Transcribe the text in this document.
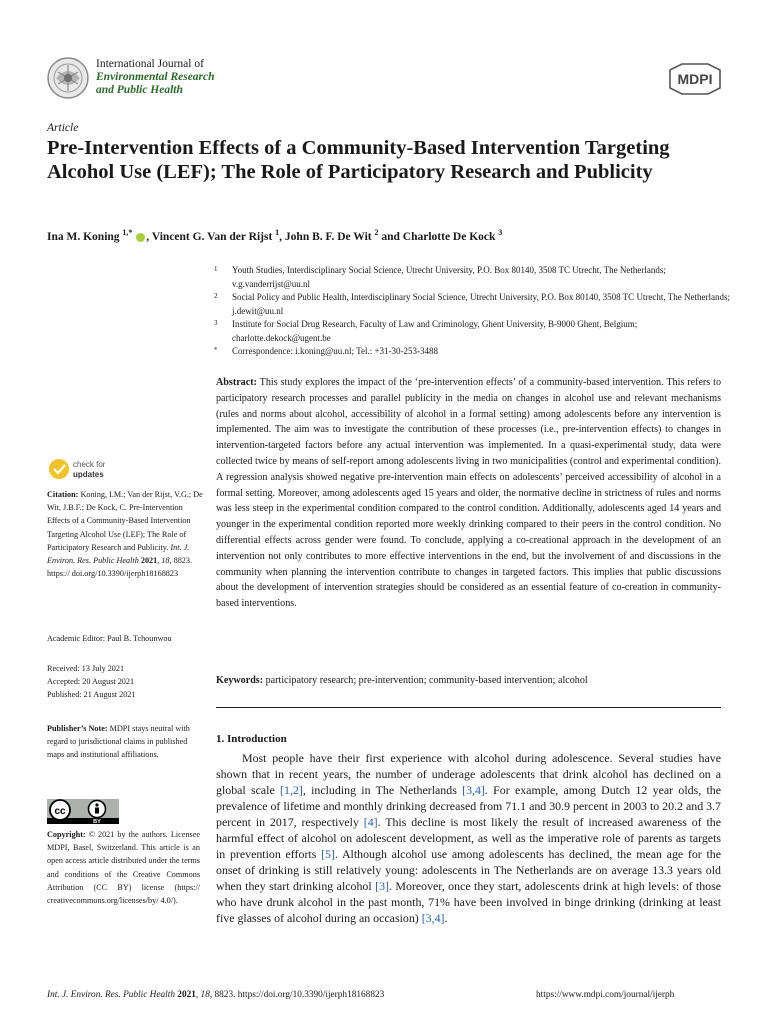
International Journal of
Environmental Research
and Public Health
MDPI
Article
Pre-Intervention Effects of a Community-Based Intervention Targeting Alcohol Use (LEF); The Role of Participatory Research and Publicity
Ina M. Koning $^{1,*}$ , Vincent G. Van der Rijst $^1$, John B. F. De Wit $^2$ and Charlotte De Kock $^3$
1	Youth Studies, Interdisciplinary Social Science, Utrecht University, P.O. Box 80140, 3508 TC Utrecht, The Netherlands; v.g.vanderrijst@uu.nl
2	Social Policy and Public Health, Interdisciplinary Social Science, Utrecht University, P.O. Box 80140, 3508 TC Utrecht, The Netherlands; j.dewit@uu.nl
3	Institute for Social Drug Research, Faculty of Law and Criminology, Ghent University, B-9000 Ghent, Belgium; charlotte.dekock@ugent.be
*	Correspondence: i.koning@uu.nl; Tel.: +31-30-253-3488
check for
updates
Citation: Koning, I.M.; Van der Rijst, V.G.; De Wit, J.B.F.; De Kock, C. Pre-Intervention Effects of a Community-Based Intervention Targeting Alcohol Use (LEF); The Role of Participatory Research and Publicity. Int. J. Environ. Res. Public Health 2021, 18, 8823. https:// doi.org/10.3390/ijerph18168823
Academic Editor: Paul B. Tchounwou
Received: 13 July 2021
Accepted: 20 August 2021
Published: 21 August 2021
Publisher’s Note: MDPI stays neutral with regard to jurisdictional claims in published maps and institutional affiliations.
cc
BY
Copyright: © 2021 by the authors. Licensee MDPI, Basel, Switzerland. This article is an open access article distributed under the terms and conditions of the Creative Commons Attribution (CC BY) license (https:// creativecommons.org/licenses/by/ 4.0/).
Abstract: This study explores the impact of the ‘pre-intervention effects’ of a community-based intervention. This refers to participatory research processes and parallel publicity in the media on changes in alcohol use and relevant mechanisms (rules and norms about alcohol, accessibility of alcohol in a formal setting) among adolescents before any intervention is implemented. The aim was to investigate the contribution of these processes (i.e., pre-intervention effects) to changes in intervention-targeted factors before any actual intervention was implemented. In a quasi-experimental study, data were collected twice by means of self-report among adolescents living in two municipalities (control and experimental condition). A regression analysis showed negative pre-intervention main effects on adolescents’ perceived accessibility of alcohol in a formal setting. Moreover, among adolescents aged 15 years and older, the normative decline in strictness of rules and norms was less steep in the experimental condition compared to the control condition. Additionally, adolescents aged 14 years and younger in the experimental condition reported more weekly drinking compared to their peers in the control condition. No differential effects across gender were found. To conclude, applying a co-creational approach in the development of an intervention not only contributes to more effective interventions in the end, but the involvement of and discussions in the community when planning the intervention contribute to changes in targeted factors. This implies that public discussions about the development of intervention strategies should be considered as an essential feature of co-creation in community-based interventions.
Keywords: participatory research; pre-intervention; community-based intervention; alcohol
1. Introduction
Most people have their first experience with alcohol during adolescence. Several studies have shown that in recent years, the number of underage adolescents that drink alcohol has declined on a global scale [1,2], including in The Netherlands [3,4]. For example, among Dutch 12 year olds, the prevalence of lifetime and monthly drinking decreased from 71.1 and 30.9 percent in 2003 to 20.2 and 3.7 percent in 2017, respectively [4]. This decline is most likely the result of increased awareness of the harmful effect of alcohol on adolescent development, as well as the imperative role of parents as targets in prevention efforts [5]. Although alcohol use among adolescents has declined, the mean age for the onset of drinking is still relatively young: adolescents in The Netherlands are on average 13.3 years old when they start drinking alcohol [3]. Moreover, once they start, adolescents drink at high levels: of those who have drunk alcohol in the past month, 71% have been involved in binge drinking (drinking at least five glasses of alcohol during an occasion) [3,4].
Int. J. Environ. Res. Public Health 2021, 18, 8823. https://doi.org/10.3390/ijerph18168823	https://www.mdpi.com/journal/ijerph
